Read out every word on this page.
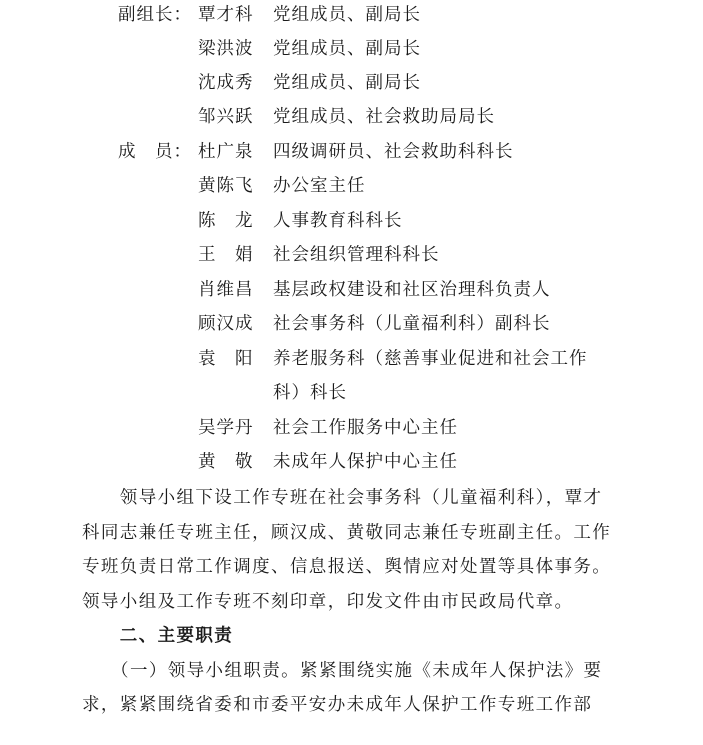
副组长： 覃才科 党组成员、副局长
梁洪波 党组成员、副局长
沈成秀 党组成员、副局长
邹兴跃 党组成员、社会救助局局长
成　员： 杜广泉 四级调研员、社会救助科科长
黄陈飞 办公室主任
陈　龙 人事教育科科长
王　娟 社会组织管理科科长
肖维昌 基层政权建设和社区治理科负责人
顾汉成 社会事务科（儿童福利科）副科长
袁　阳 养老服务科（慈善事业促进和社会工作
科）科长
吴学丹 社会工作服务中心主任
黄　敬 未成年人保护中心主任
　　领导小组下设工作专班在社会事务科（儿童福利科），覃才
科同志兼任专班主任，顾汉成、黄敬同志兼任专班副主任。工作
专班负责日常工作调度、信息报送、舆情应对处置等具体事务。
领导小组及工作专班不刻印章，印发文件由市民政局代章。
　　二、主要职责
　　（一）领导小组职责。紧紧围绕实施《未成年人保护法》要
求，紧紧围绕省委和市委平安办未成年人保护工作专班工作部
